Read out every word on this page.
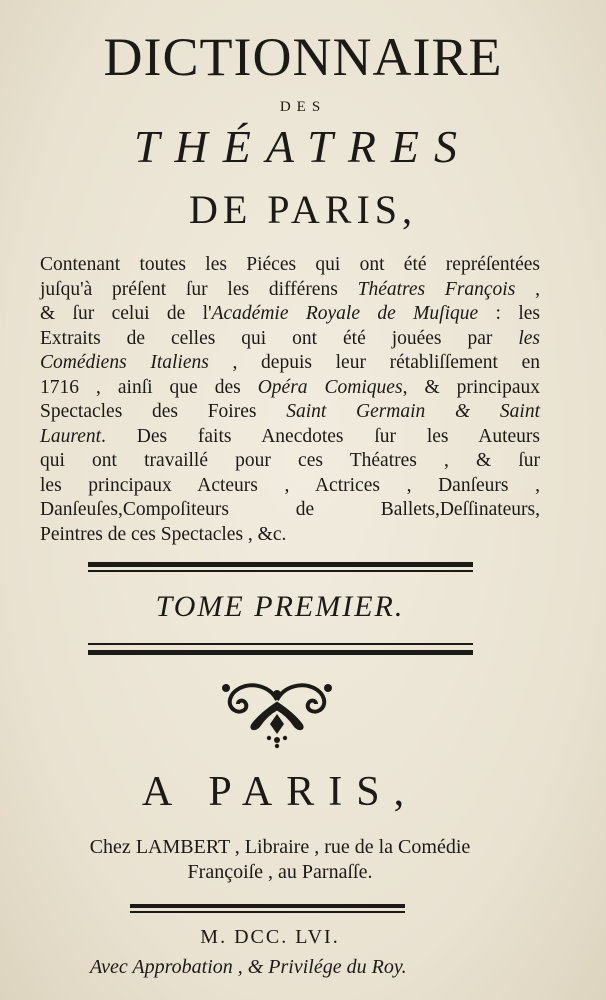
DICTIONNAIRE
DES
THÉATRES
DE PARIS,
Contenant toutes les Piéces qui ont été repréſentées
juſqu'à préſent ſur les différens Théatres François ,
& ſur celui de l'Académie Royale de Muſique : les
Extraits de celles qui ont été jouées par les
Comédiens Italiens , depuis leur rétabliſſement en
1716 , ainſi que des Opéra Comiques, & principaux
Spectacles des Foires Saint Germain & Saint
Laurent. Des faits Anecdotes ſur les Auteurs
qui ont travaillé pour ces Théatres , & ſur
les principaux Acteurs , Actrices , Danſeurs ,
Danſeuſes,Compoſiteurs de Ballets,Deſſinateurs,
Peintres de ces Spectacles , &c.
TOME PREMIER.
A PARIS,
Chez LAMBERT , Libraire , rue de la Comédie
Françoiſe , au Parnaſſe.
M. DCC. LVI.
Avec Approbation , & Privilége du Roy.
